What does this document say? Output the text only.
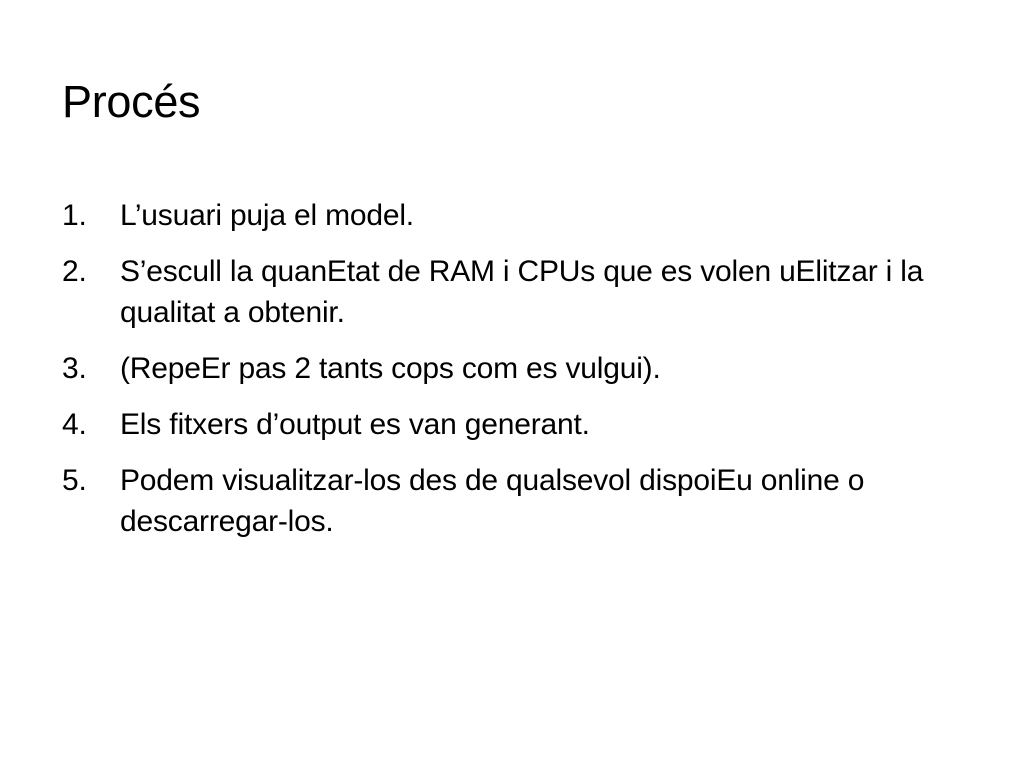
Procés
1. L’usuari puja el model.
2. S’escull la quanEtat de RAM i CPUs que es volen uElitzar i la qualitat a obtenir.
3. (RepeEr pas 2 tants cops com es vulgui).
4. Els ﬁtxers d’output es van generant.
5. Podem visualitzar-los des de qualsevol dispoiEu online o descarregar-los.
